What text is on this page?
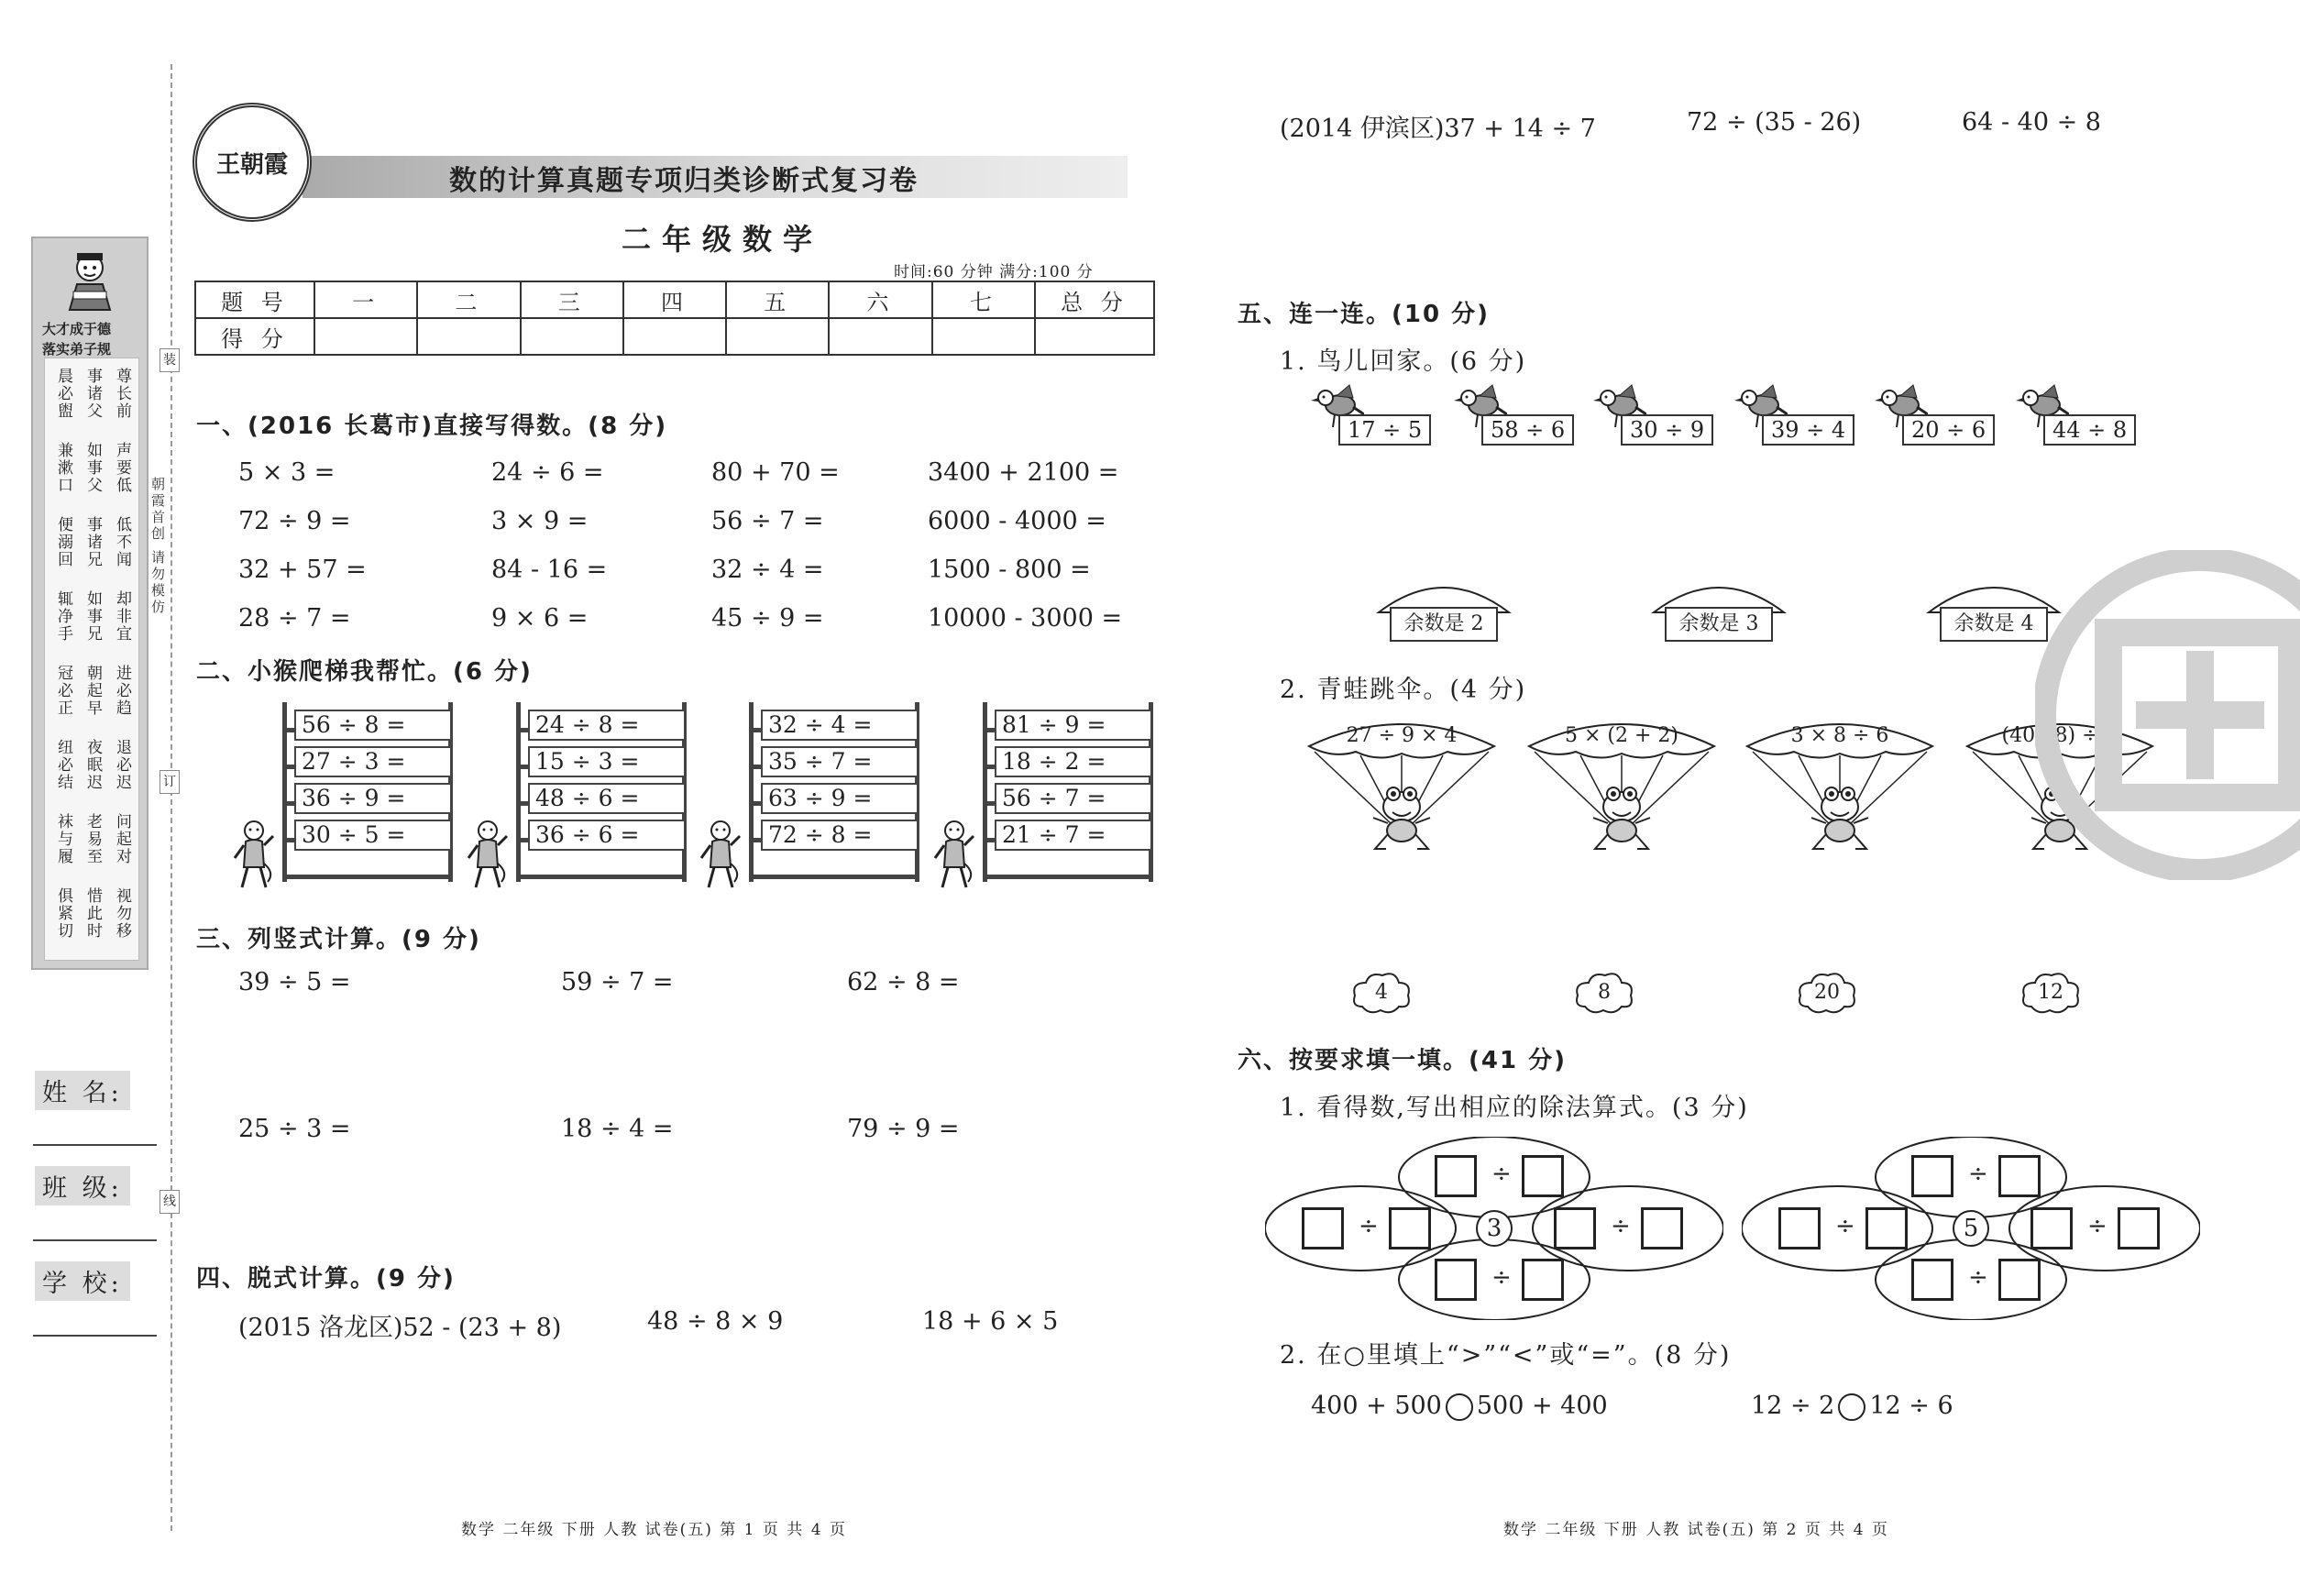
大才成于德
落实弟子规
晨必盥 事诸父 尊长前
兼漱口 如事父 声要低
便溺回 事诸兄 低不闻
辄净手 如事兄 却非宜
冠必正 朝起早 进必趋
纽必结 夜眠迟 退必迟
袜与履 老易至 问起对
俱紧切 惜此时 视勿移
装
订
线
朝霞首创 请勿模仿
姓 名:
班 级:
学 校:
王朝霞
数的计算真题专项归类诊断式复习卷
二年级数学
时间:60 分钟 满分:100 分
题 号	一	二	三	四	五	六	七	总 分
得 分								
一、(2016 长葛市)直接写得数。(8 分)
5 × 3 =	24 ÷ 6 =	80 + 70 =	3400 + 2100 =
72 ÷ 9 =	3 × 9 =	56 ÷ 7 =	6000 - 4000 =
32 + 57 =	84 - 16 =	32 ÷ 4 =	1500 - 800 =
28 ÷ 7 =	9 × 6 =	45 ÷ 9 =	10000 - 3000 =
二、小猴爬梯我帮忙。(6 分)
56 ÷ 8 =
27 ÷ 3 =
36 ÷ 9 =
30 ÷ 5 =
24 ÷ 8 =
15 ÷ 3 =
48 ÷ 6 =
36 ÷ 6 =
32 ÷ 4 =
35 ÷ 7 =
63 ÷ 9 =
72 ÷ 8 =
81 ÷ 9 =
18 ÷ 2 =
56 ÷ 7 =
21 ÷ 7 =
三、列竖式计算。(9 分)
39 ÷ 5 =	59 ÷ 7 =	62 ÷ 8 =
25 ÷ 3 =	18 ÷ 4 =	79 ÷ 9 =
四、脱式计算。(9 分)
(2015 洛龙区)52 - (23 + 8)	48 ÷ 8 × 9	18 + 6 × 5
(2014 伊滨区)37 + 14 ÷ 7	72 ÷ (35 - 26)	64 - 40 ÷ 8
五、连一连。(10 分)
1. 鸟儿回家。(6 分)
17 ÷ 5	58 ÷ 6	30 ÷ 9	39 ÷ 4	20 ÷ 6	44 ÷ 8
余数是 2	余数是 3	余数是 4
2. 青蛙跳伞。(4 分)
27 ÷ 9 × 4	5 × (2 + 2)	3 × 8 ÷ 6	(40 - 8) ÷ 4
4	8	20	12
六、按要求填一填。(41 分)
1. 看得数,写出相应的除法算式。(3 分)
÷
÷	÷
÷
3
÷
÷	÷
÷
5
2. 在○里填上“>”“<”或“=”。(8 分)
400 + 500 500 + 400	12 ÷ 2 12 ÷ 6
数学 二年级 下册 人教 试卷(五) 第 1 页 共 4 页	数学 二年级 下册 人教 试卷(五) 第 2 页 共 4 页
